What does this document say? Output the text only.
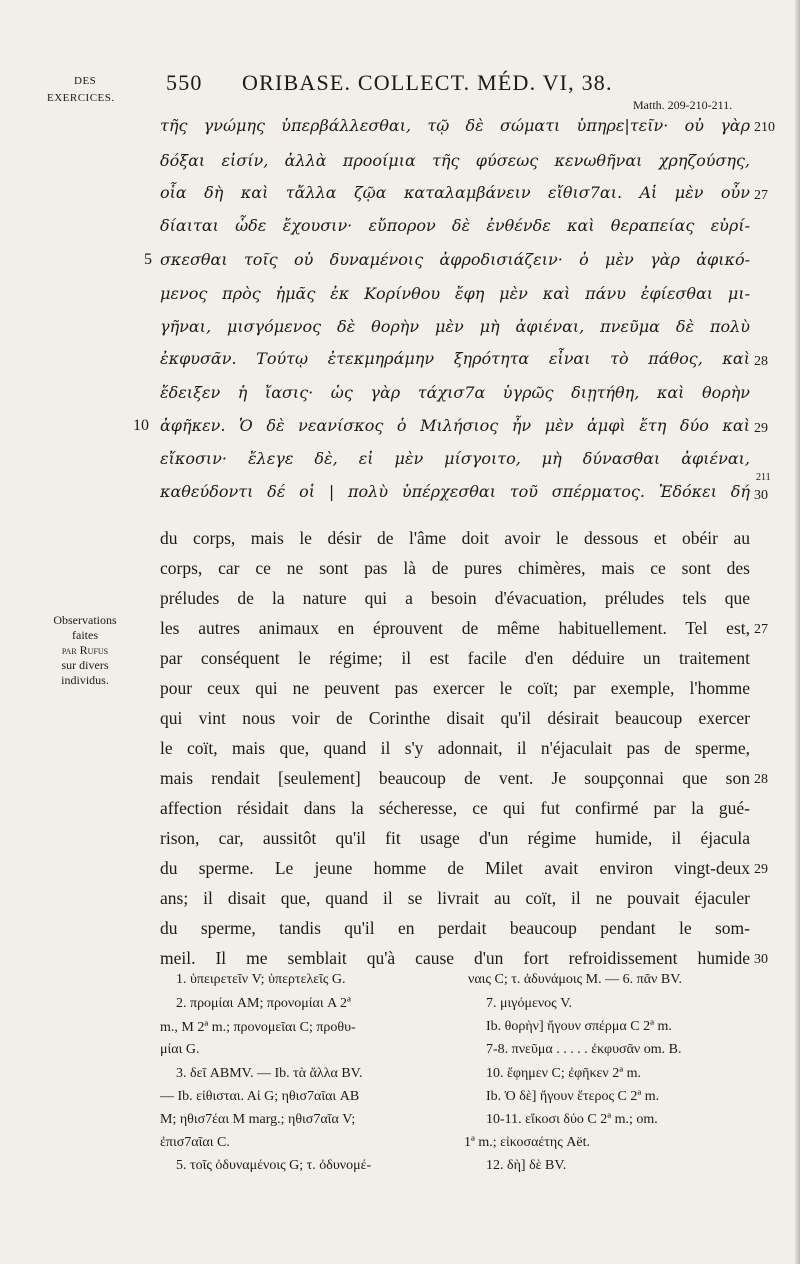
DES
EXERCICES.
Observations
faites
par Rufus
sur divers
individus.
550 ORIBASE. COLLECT. MÉD. VI, 38.
Matth. 209-210-211.
τῆς γνώμης ὑπερβάλλεσθαι, τῷ δὲ σώματι ὑπηρε|τεῖν· οὐ γὰρ
δόξαι εἰσίν, ἀλλὰ προοίμια τῆς φύσεως κενωθῆναι χρηζούσης,
οἷα δὴ καὶ τἄλλα ζῷα καταλαμβάνειν εἴθισ7αι. Αἱ μὲν οὖν
δίαιται ὧδε ἔχουσιν· εὔπορον δὲ ἐνθένδε καὶ θεραπείας εὑρί-
σκεσθαι τοῖς οὐ δυναμένοις ἀφροδισιάζειν· ὁ μὲν γὰρ ἀφικό-
μενος πρὸς ἡμᾶς ἐκ Κορίνθου ἔφη μὲν καὶ πάνυ ἐφίεσθαι μι-
γῆναι, μισγόμενος δὲ θορὴν μὲν μὴ ἀφιέναι, πνεῦμα δὲ πολὺ
ἐκφυσᾶν. Τούτῳ ἐτεκμηράμην ξηρότητα εἶναι τὸ πάθος, καὶ
ἔδειξεν ἡ ἴασις· ὡς γὰρ τάχισ7α ὑγρῶς διῃτήθη, καὶ θορὴν
ἀφῆκεν. Ὁ δὲ νεανίσκος ὁ Μιλήσιος ἦν μὲν ἀμφὶ ἔτη δύο καὶ
εἴκοσιν· ἔλεγε δὲ, εἰ μὲν μίσγοιτο, μὴ δύνασθαι ἀφιέναι,
καθεύδοντι δέ οἱ | πολὺ ὑπέρχεσθαι τοῦ σπέρματος. Ἐδόκει δή
5
10
210
27
28
29
211
30
du corps, mais le désir de l'âme doit avoir le dessous et obéir au
corps, car ce ne sont pas là de pures chimères, mais ce sont des
préludes de la nature qui a besoin d'évacuation, préludes tels que
les autres animaux en éprouvent de même habituellement. Tel est,
par conséquent le régime; il est facile d'en déduire un traitement
pour ceux qui ne peuvent pas exercer le coït; par exemple, l'homme
qui vint nous voir de Corinthe disait qu'il désirait beaucoup exercer
le coït, mais que, quand il s'y adonnait, il n'éjaculait pas de sperme,
mais rendait [seulement] beaucoup de vent. Je soupçonnai que son
affection résidait dans la sécheresse, ce qui fut confirmé par la gué-
rison, car, aussitôt qu'il fit usage d'un régime humide, il éjacula
du sperme. Le jeune homme de Milet avait environ vingt-deux
ans; il disait que, quand il se livrait au coït, il ne pouvait éjaculer
du sperme, tandis qu'il en perdait beaucoup pendant le som-
meil. Il me semblait qu'à cause d'un fort refroidissement humide
27
28
29
30
1. ὑπειρετεῖν V; ὑπερτελεῖς G.
2. προμίαι AM; προνομίαι A 2ª
m., M 2ª m.; προνομεῖαι C; προθυ-
μίαι G.
3. δεῖ ABMV. — Ib. τὰ ἄλλα BV.
— Ib. εἰθισται. Αἱ G; ηθισ7αῖαι AB
M; ηθισ7έαι M marg.; ηθισ7αῖα V;
ἐπισ7αῖαι C.
5. τοῖς ὀδυναμένοις G; τ. ὀδυνομέ-
ναις C; τ. ἀδυνάμοις M. — 6. πᾶν BV.
7. μιγόμενος V.
Ib. θορὴν] ἤγουν σπέρμα C 2ª m.
7-8. πνεῦμα . . . . . ἐκφυσᾶν om. B.
10. ἔφημεν C; ἐφῆκεν 2ª m.
Ib. Ὁ δὲ] ἤγουν ἕτερος C 2ª m.
10-11. εἴκοσι δύο C 2ª m.; om.
1ª m.; εἰκοσαέτης Aët.
12. δὴ] δὲ BV.
